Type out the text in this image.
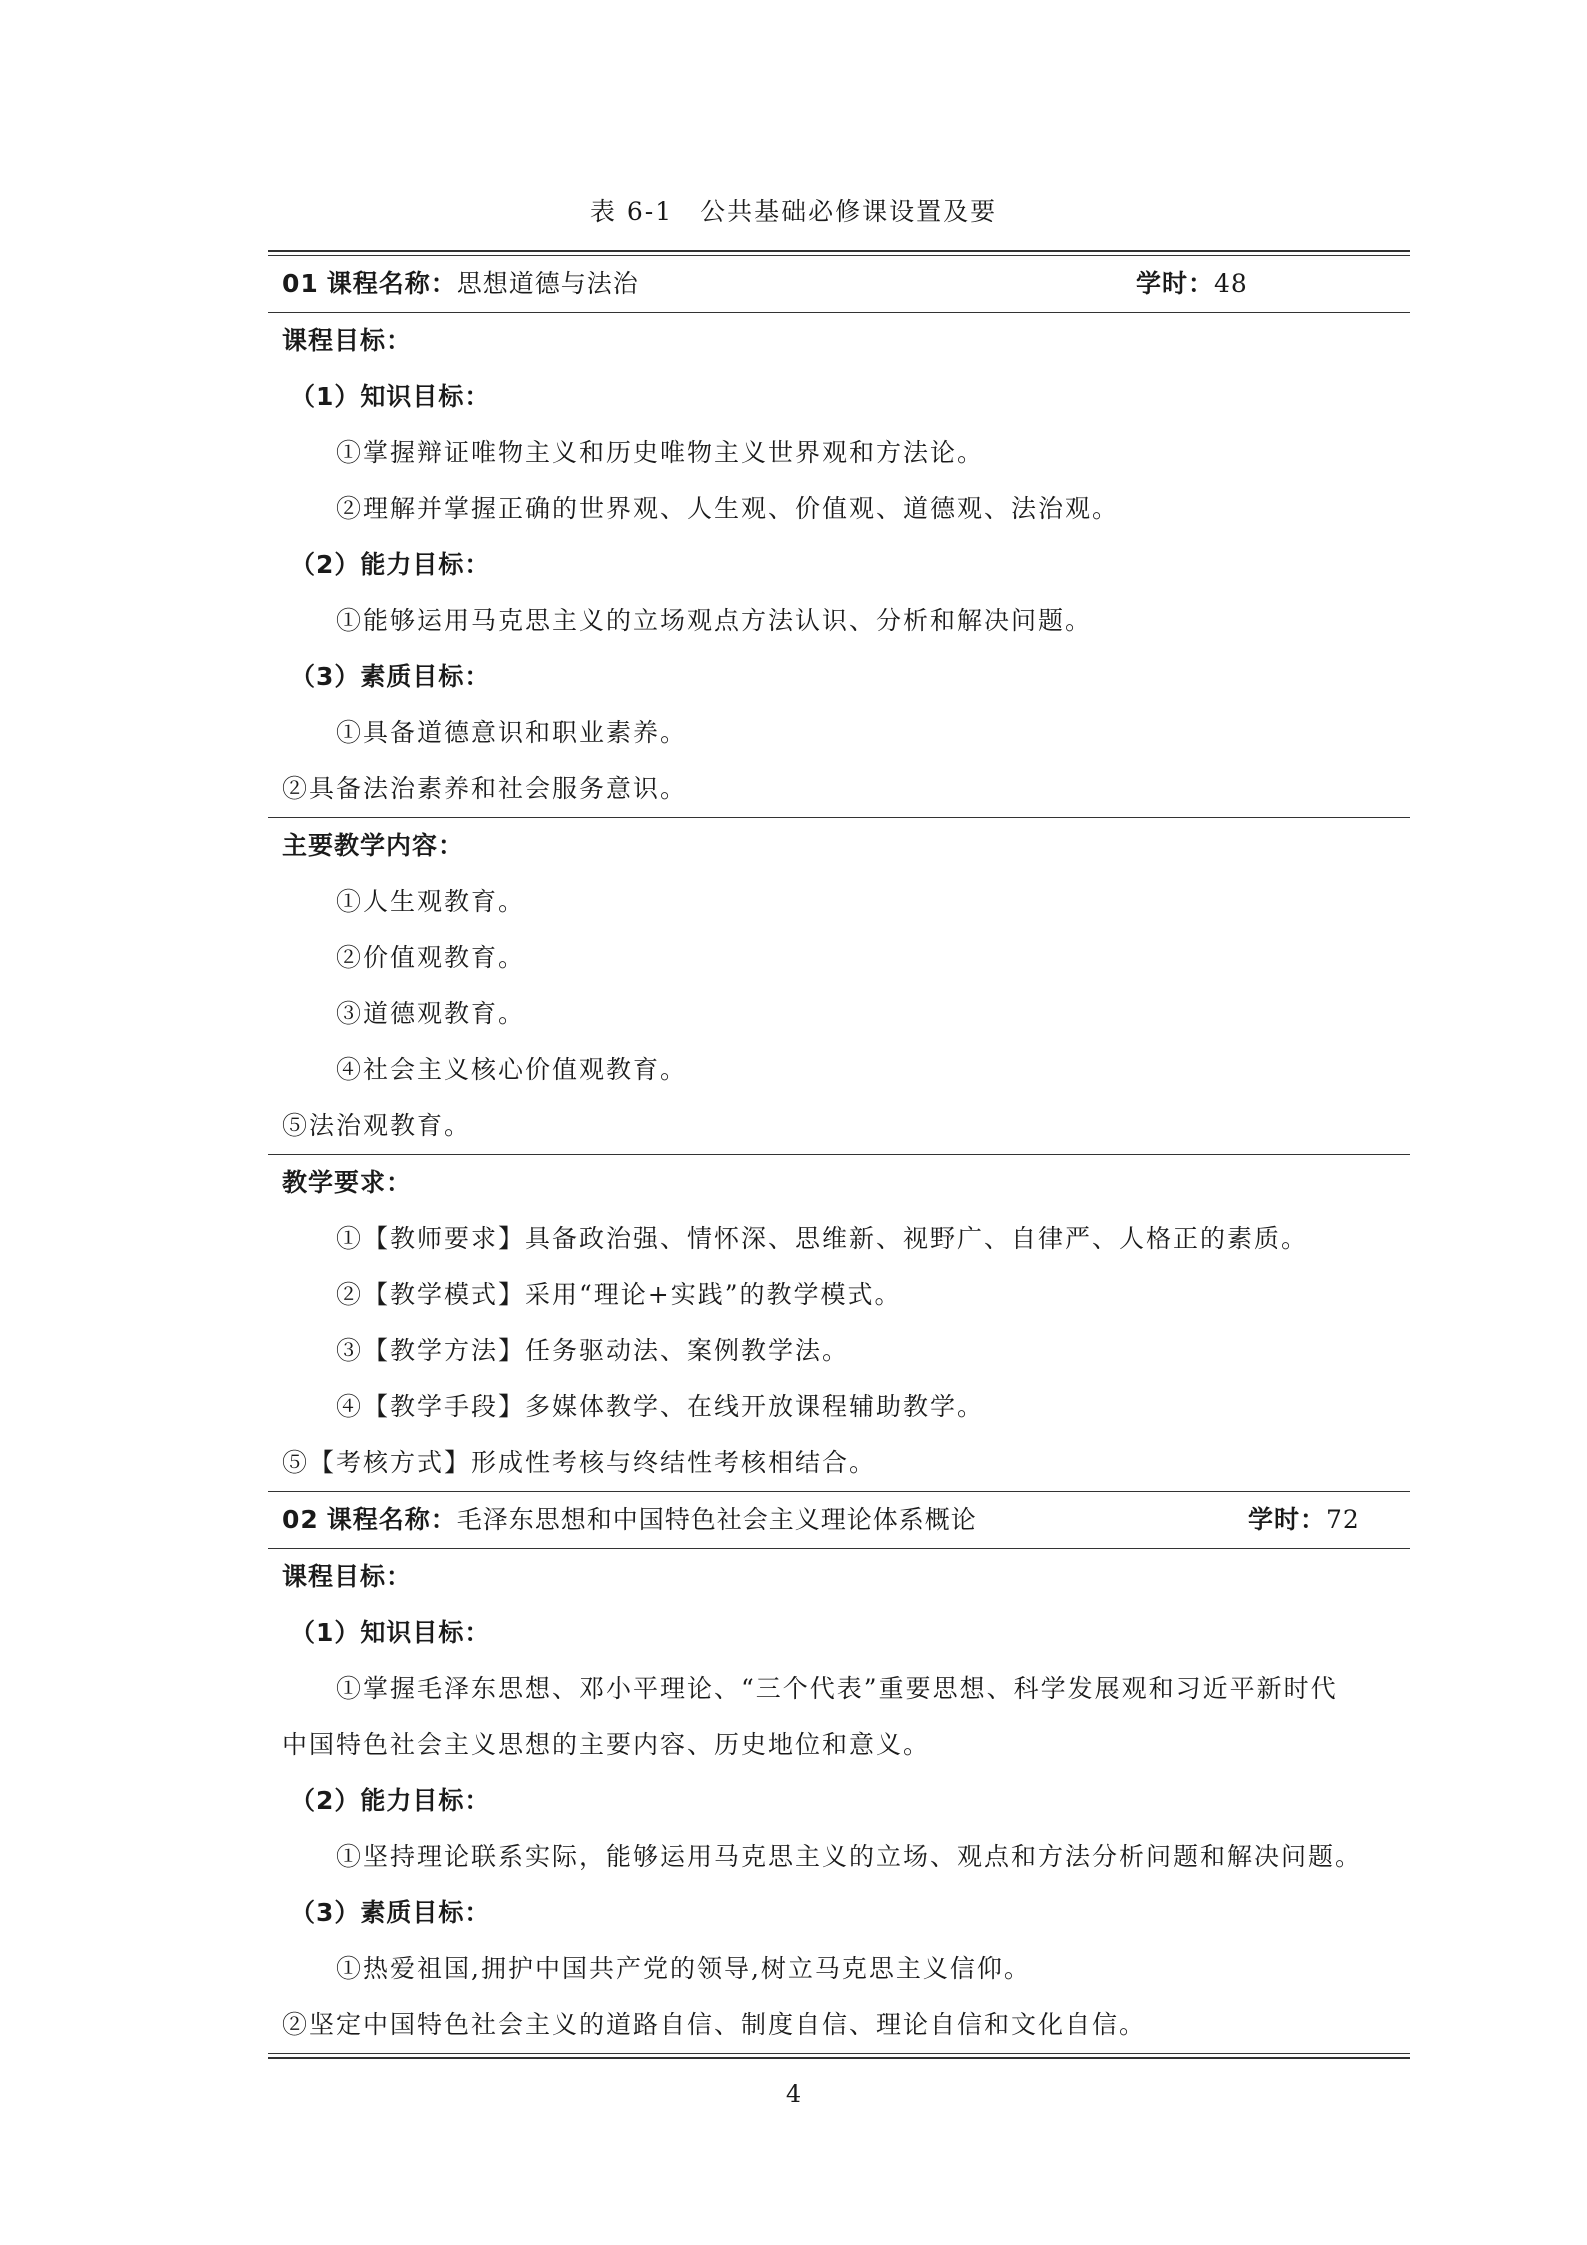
表 6-1　公共基础必修课设置及要
01 课程名称：思想道德与法治	学时：48
课程目标：
（1）知识目标：
①掌握辩证唯物主义和历史唯物主义世界观和方法论。
②理解并掌握正确的世界观、人生观、价值观、道德观、法治观。
（2）能力目标：
①能够运用马克思主义的立场观点方法认识、分析和解决问题。
（3）素质目标：
①具备道德意识和职业素养。
②具备法治素养和社会服务意识。
主要教学内容：
①人生观教育。
②价值观教育。
③道德观教育。
④社会主义核心价值观教育。
⑤法治观教育。
教学要求：
①【教师要求】具备政治强、情怀深、思维新、视野广、自律严、人格正的素质。
②【教学模式】采用“理论+实践”的教学模式。
③【教学方法】任务驱动法、案例教学法。
④【教学手段】多媒体教学、在线开放课程辅助教学。
⑤【考核方式】形成性考核与终结性考核相结合。
02 课程名称：毛泽东思想和中国特色社会主义理论体系概论	学时：72
课程目标：
（1）知识目标：
①掌握毛泽东思想、邓小平理论、“三个代表”重要思想、科学发展观和习近平新时代
中国特色社会主义思想的主要内容、历史地位和意义。
（2）能力目标：
①坚持理论联系实际，能够运用马克思主义的立场、观点和方法分析问题和解决问题。
（3）素质目标：
①热爱祖国,拥护中国共产党的领导,树立马克思主义信仰。
②坚定中国特色社会主义的道路自信、制度自信、理论自信和文化自信。
4
